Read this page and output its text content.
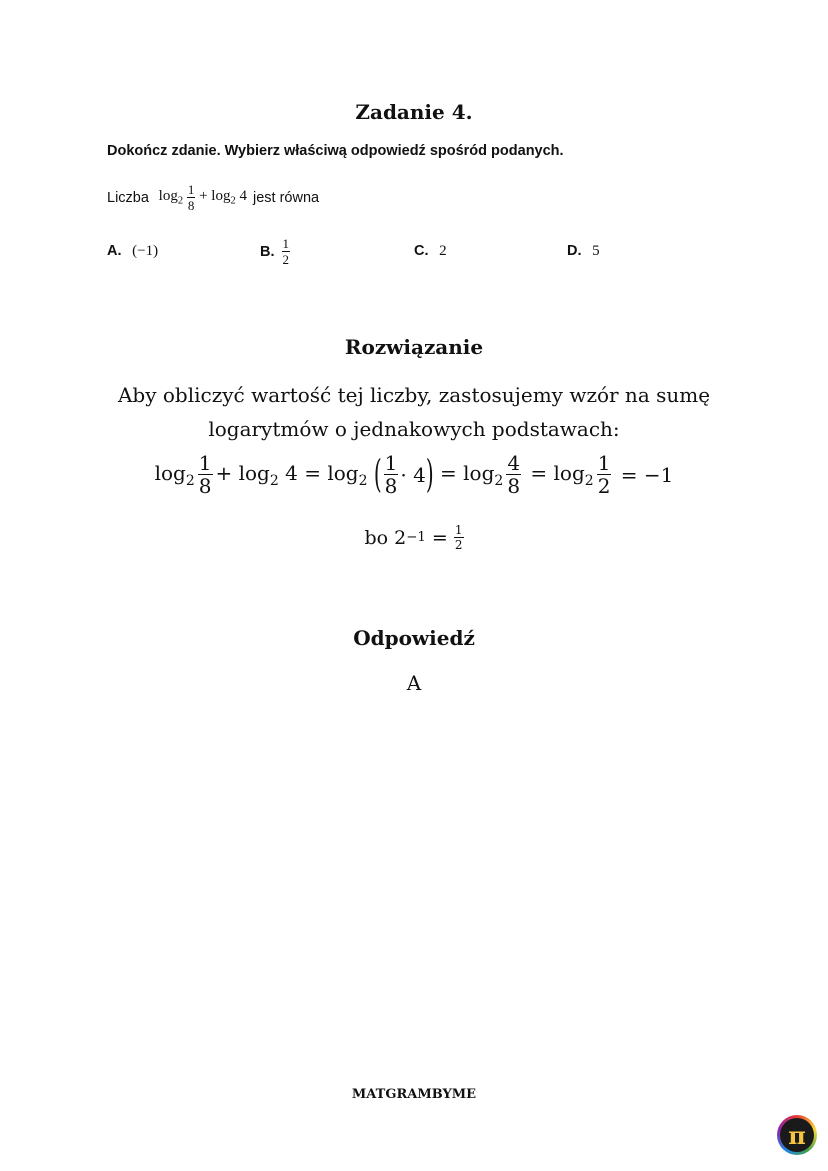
Zadanie 4.
Dokończ zdanie. Wybierz właściwą odpowiedź spośród podanych.
Liczba $\log_2 \frac{1}{8} + \log_2 4$ jest równa
A. (−1)	B. $\frac{1}{2}$	C. 2	D. 5
Rozwiązanie
Aby obliczyć wartość tej liczby, zastosujemy wzór na sumę
logarytmów o jednakowych podstawach:
$\log_2 \frac{1}{8} + \log_2 4 = \log_2$ ( $\frac{1}{8} \cdot 4$ ) = $\log_2 \frac{4}{8} = \log_2 \frac{1}{2} = -1$
bo $2 -1 = \frac{1}{2}$
Odpowiedź
A
MATGRAMBYME
π
